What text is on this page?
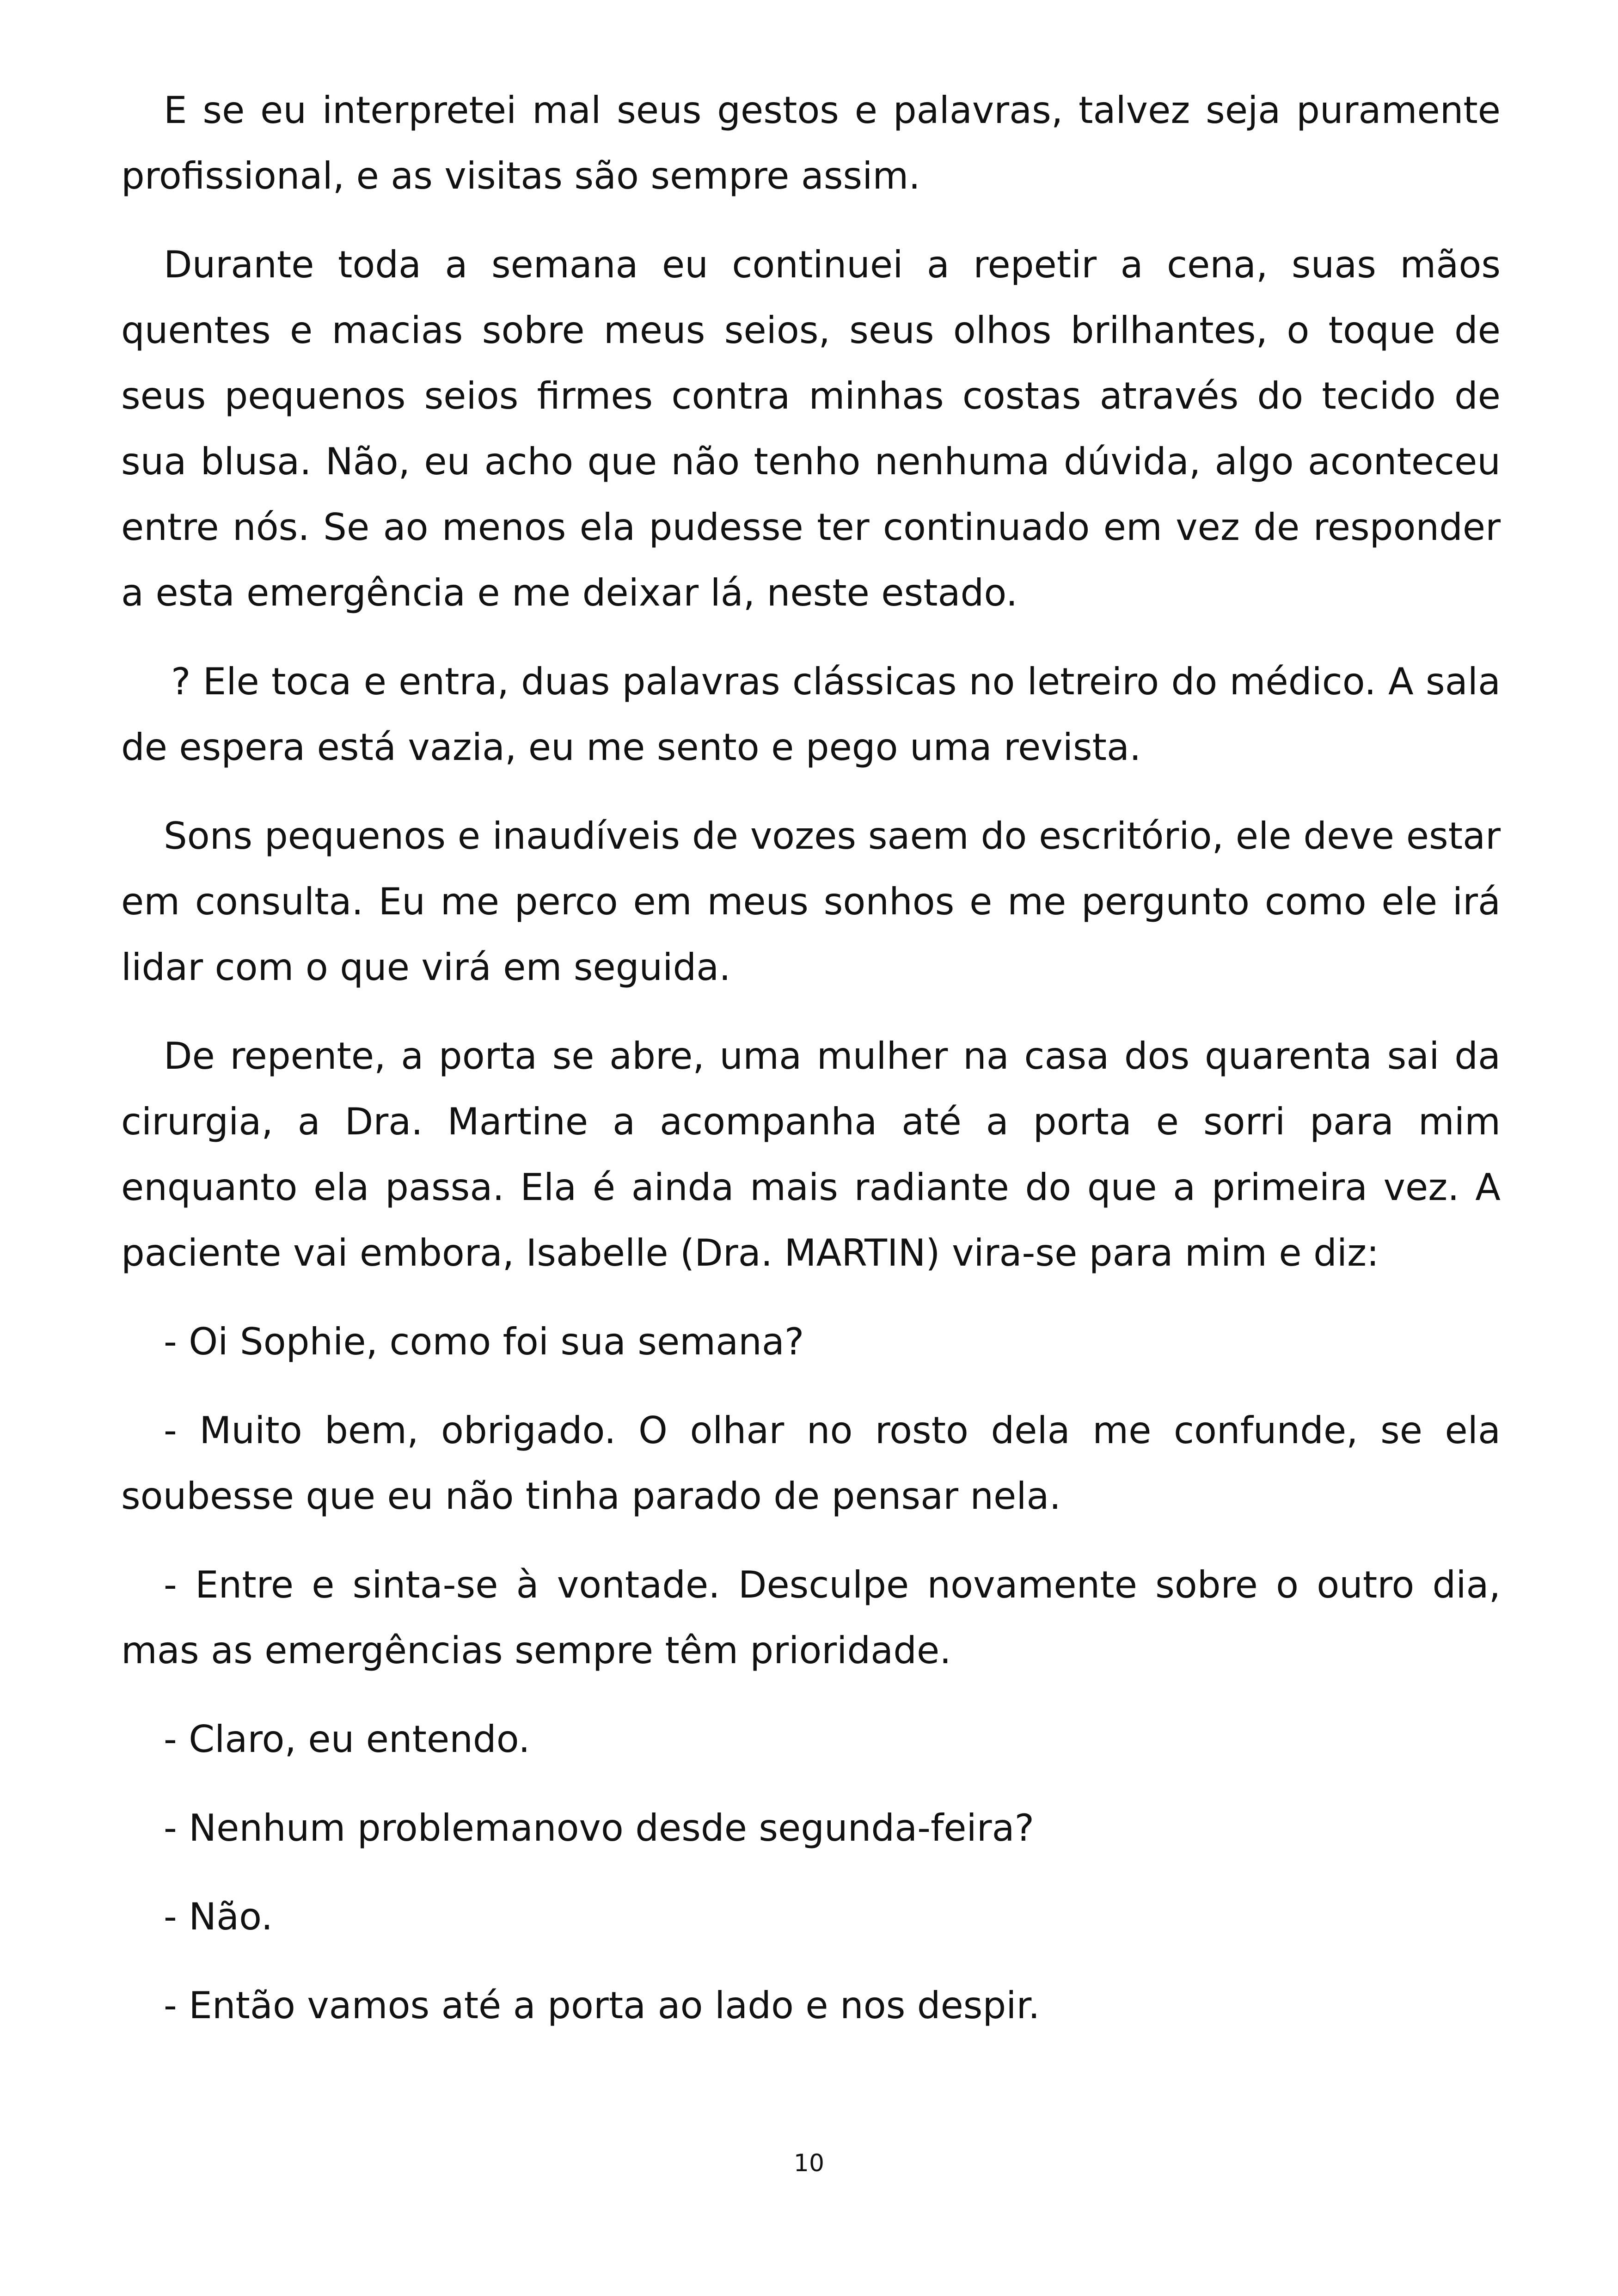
E se eu interpretei mal seus gestos e palavras, talvez seja puramente profissional, e as visitas são sempre assim.

Durante toda a semana eu continuei a repetir a cena, suas mãos quentes e macias sobre meus seios, seus olhos brilhantes, o toque de seus pequenos seios firmes contra minhas costas através do tecido de sua blusa. Não, eu acho que não tenho nenhuma dúvida, algo aconteceu entre nós. Se ao menos ela pudesse ter continuado em vez de responder a esta emergência e me deixar lá, neste estado.

? Ele toca e entra, duas palavras clássicas no letreiro do médico. A sala de espera está vazia, eu me sento e pego uma revista.

Sons pequenos e inaudíveis de vozes saem do escritório, ele deve estar em consulta. Eu me perco em meus sonhos e me pergunto como ele irá lidar com o que virá em seguida.

De repente, a porta se abre, uma mulher na casa dos quarenta sai da cirurgia, a Dra. Martine a acompanha até a porta e sorri para mim enquanto ela passa. Ela é ainda mais radiante do que a primeira vez. A paciente vai embora, Isabelle (Dra. MARTIN) vira-se para mim e diz:

- Oi Sophie, como foi sua semana?

- Muito bem, obrigado. O olhar no rosto dela me confunde, se ela soubesse que eu não tinha parado de pensar nela.

- Entre e sinta-se à vontade. Desculpe novamente sobre o outro dia, mas as emergências sempre têm prioridade.

- Claro, eu entendo.

- Nenhum problemanovo desde segunda-feira?

- Não.

- Então vamos até a porta ao lado e nos despir.

10
